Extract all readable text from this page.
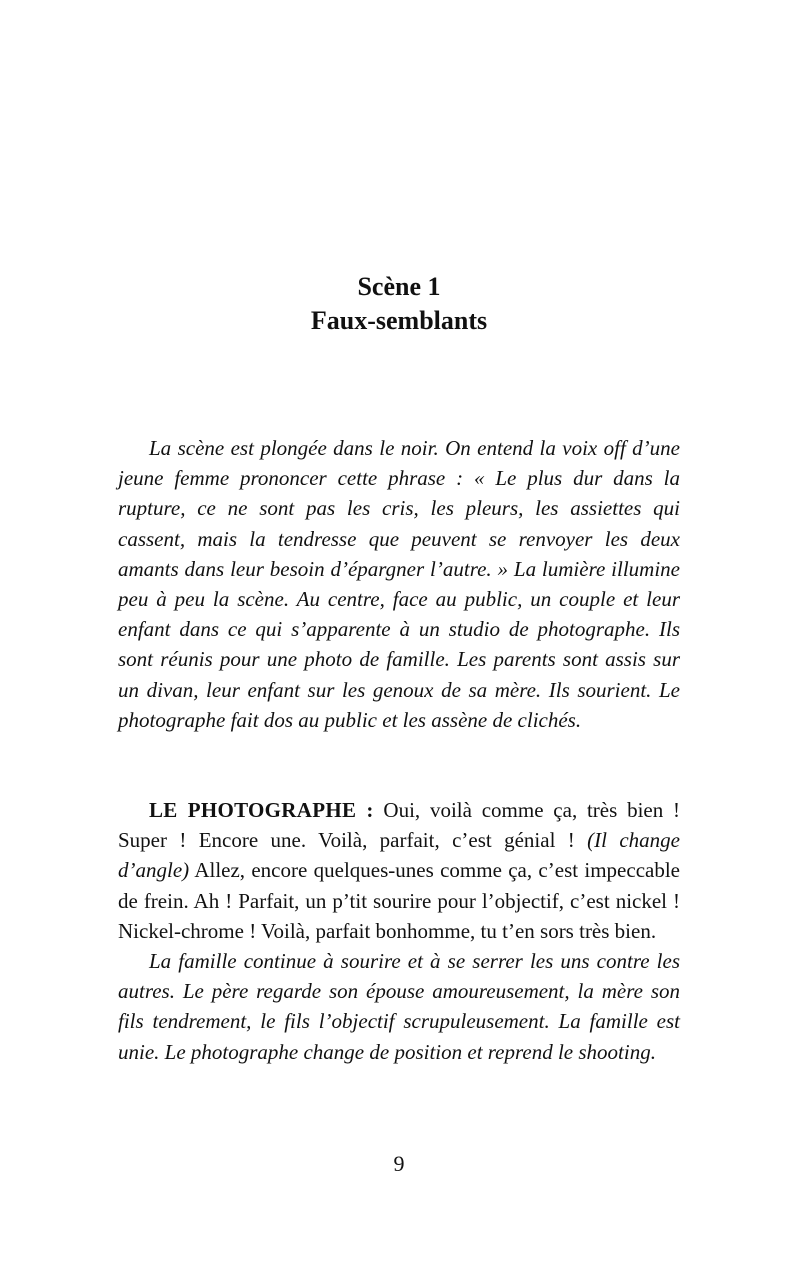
Scène 1
Faux-semblants

La scène est plongée dans le noir. On entend la voix off d’une jeune femme prononcer cette phrase : « Le plus dur dans la rupture, ce ne sont pas les cris, les pleurs, les assiettes qui cassent, mais la tendresse que peuvent se renvoyer les deux amants dans leur besoin d’épargner l’autre. » La lumière illumine peu à peu la scène. Au centre, face au public, un couple et leur enfant dans ce qui s’apparente à un studio de photographe. Ils sont réunis pour une photo de famille. Les parents sont assis sur un divan, leur enfant sur les genoux de sa mère. Ils sourient. Le photographe fait dos au public et les assène de clichés.

LE PHOTOGRAPHE : Oui, voilà comme ça, très bien ! Super ! Encore une. Voilà, parfait, c’est génial ! (Il change d’angle) Allez, encore quelques-unes comme ça, c’est impeccable de frein. Ah ! Parfait, un p’tit sourire pour l’objectif, c’est nickel ! Nickel-chrome ! Voilà, parfait bonhomme, tu t’en sors très bien.

La famille continue à sourire et à se serrer les uns contre les autres. Le père regarde son épouse amoureusement, la mère son fils tendrement, le fils l’objectif scrupuleusement. La famille est unie. Le photographe change de position et reprend le shooting.

9
